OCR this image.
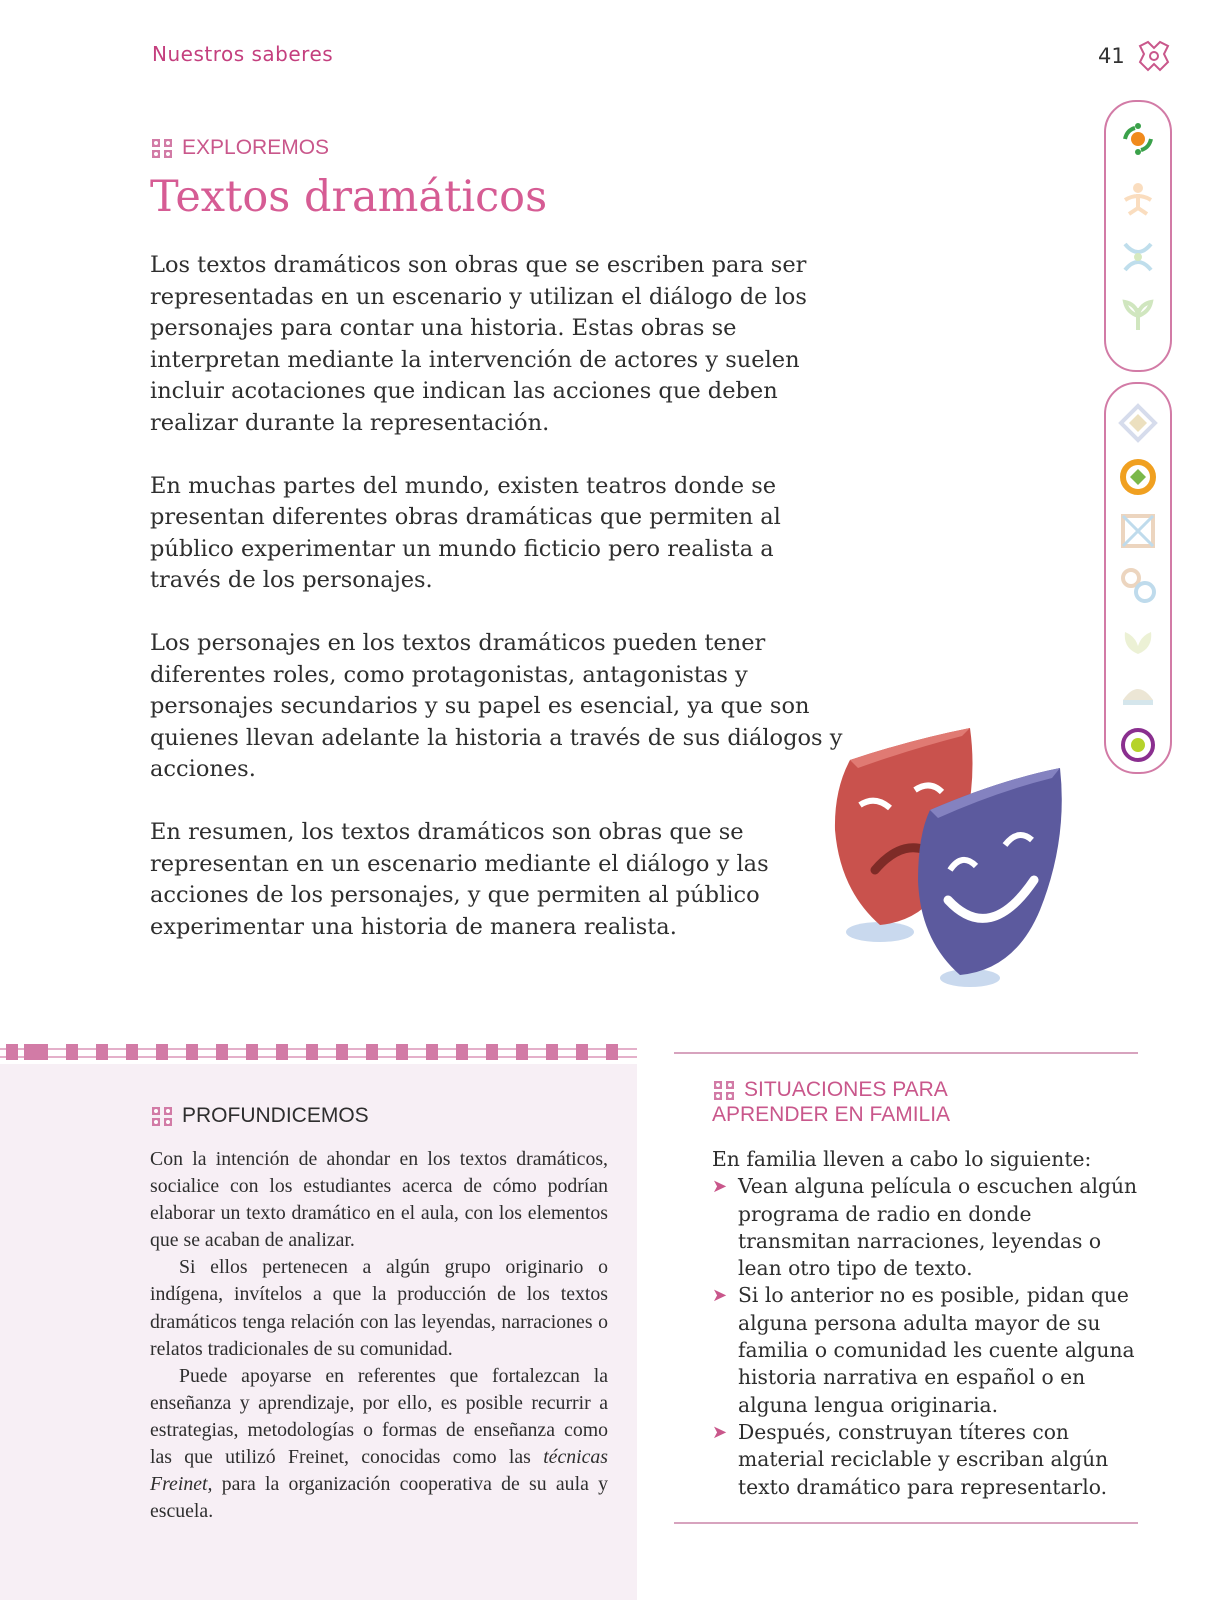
Nuestros saberes	41
EXPLOREMOS
Textos dramáticos

Los textos dramáticos son obras que se escriben para ser representadas en un escenario y utilizan el diálogo de los personajes para contar una historia. Estas obras se interpretan mediante la intervención de actores y suelen incluir acotaciones que indican las acciones que deben realizar durante la representación.

En muchas partes del mundo, existen teatros donde se presentan diferentes obras dramáticas que permiten al público experimentar un mundo ficticio pero realista a través de los personajes.

Los personajes en los textos dramáticos pueden tener diferentes roles, como protagonistas, antagonistas y personajes secundarios y su papel es esencial, ya que son quienes llevan adelante la historia a través de sus diálogos y acciones.

En resumen, los textos dramáticos son obras que se representan en un escenario mediante el diálogo y las acciones de los personajes, y que permiten al público experimentar una historia de manera realista.

PROFUNDICEMOS

Con la intención de ahondar en los textos dramáticos, socialice con los estudiantes acerca de cómo podrían elaborar un texto dramático en el aula, con los elementos que se acaban de analizar.

Si ellos pertenecen a algún grupo originario o indígena, invítelos a que la producción de los textos dramáticos tenga relación con las leyendas, narraciones o relatos tradicionales de su comunidad.

Puede apoyarse en referentes que fortalezcan la enseñanza y aprendizaje, por ello, es posible recurrir a estrategias, metodologías o formas de enseñanza como las que utilizó Freinet, conocidas como las técnicas Freinet, para la organización cooperativa de su aula y escuela.

SITUACIONES PARA
APRENDER EN FAMILIA

En familia lleven a cabo lo siguiente:

➤ Vean alguna película o escuchen algún programa de radio en donde transmitan narraciones, leyendas o lean otro tipo de texto.
➤ Si lo anterior no es posible, pidan que alguna persona adulta mayor de su familia o comunidad les cuente alguna historia narrativa en español o en alguna lengua originaria.
➤ Después, construyan títeres con material reciclable y escriban algún texto dramático para representarlo.
